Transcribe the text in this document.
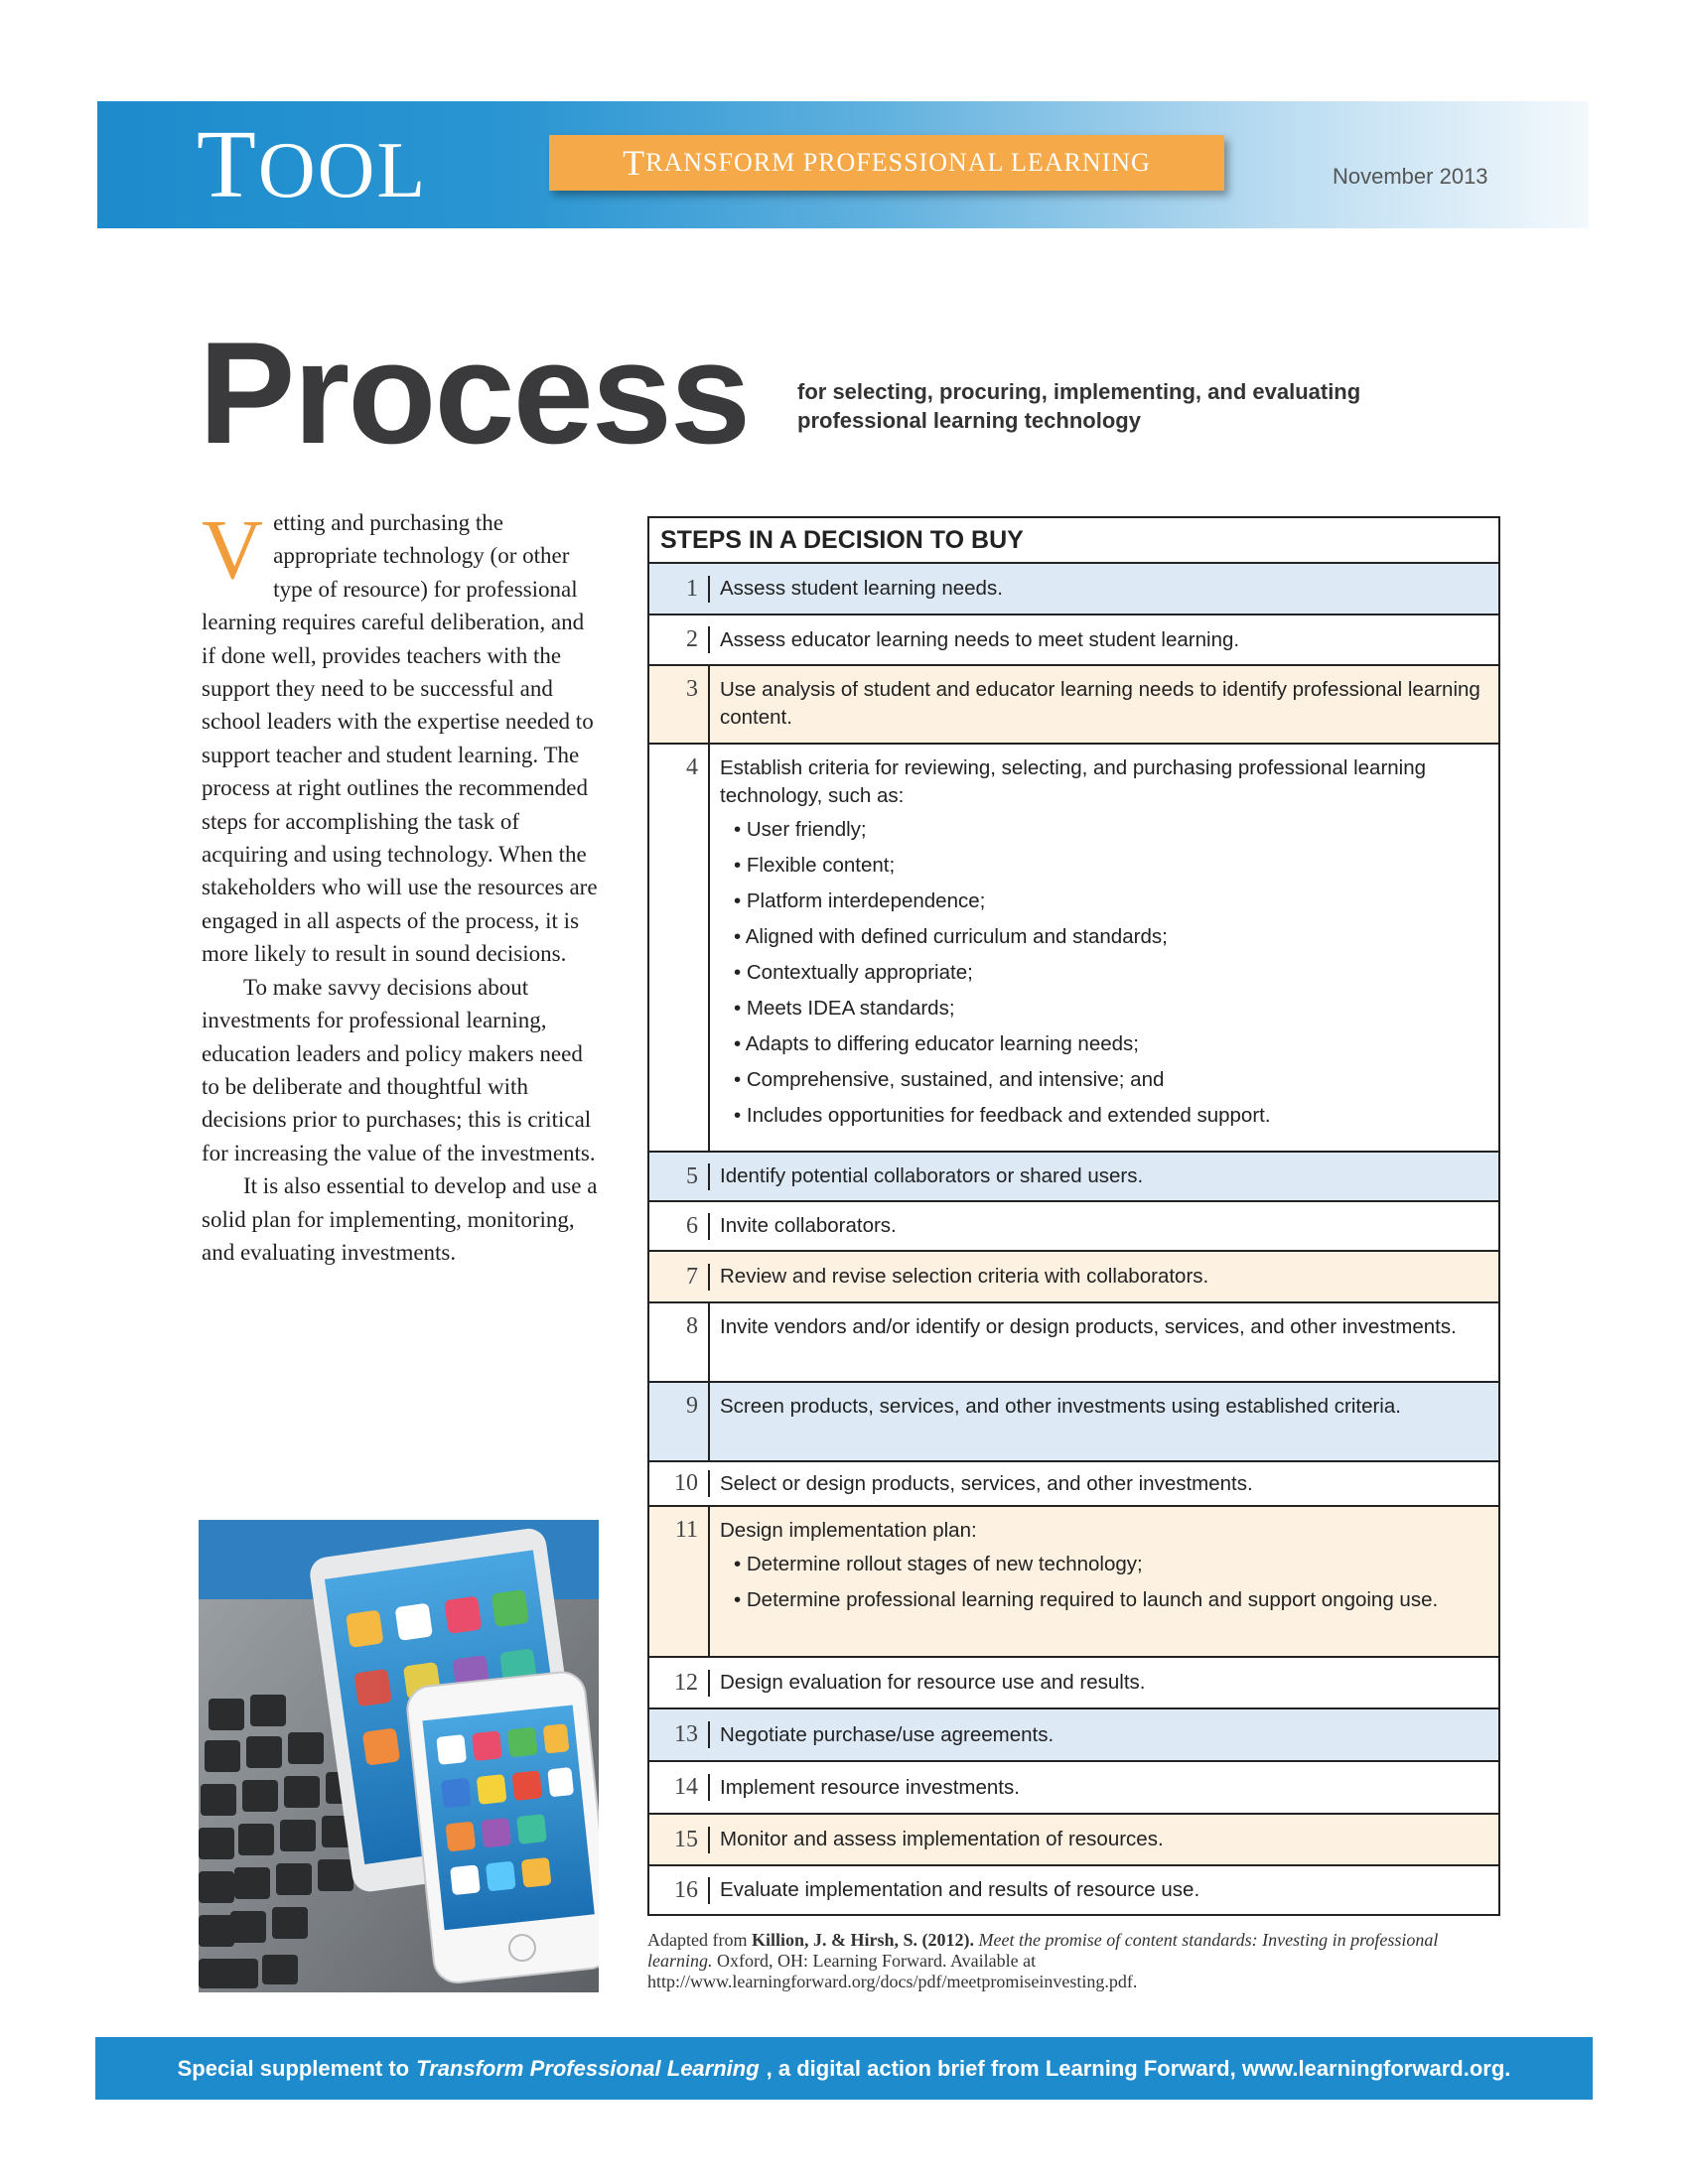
TOOL	T RANSFORM PROFESSIONAL LEARNING	November 2013
Process for selecting, procuring, implementing, and evaluating professional learning technology

Vetting and purchasing the appropriate technology (or other type of resource) for professional learning requires careful deliberation, and if done well, provides teachers with the support they need to be successful and school leaders with the expertise needed to support teacher and student learning. The process at right outlines the recommended steps for accomplishing the task of acquiring and using technology. When the stakeholders who will use the resources are engaged in all aspects of the process, it is more likely to result in sound decisions.

To make savvy decisions about investments for professional learning, education leaders and policy makers need to be deliberate and thoughtful with decisions prior to purchases; this is critical for increasing the value of the investments.

It is also essential to develop and use a solid plan for implementing, monitoring, and evaluating investments.

STEPS IN A DECISION TO BUY
1	Assess student learning needs.
2	Assess educator learning needs to meet student learning.
3	Use analysis of student and educator learning needs to identify professional learning content.
4	Establish criteria for reviewing, selecting, and purchasing professional learning technology, such as:
• User friendly;
• Flexible content;
• Platform interdependence;
• Aligned with defined curriculum and standards;
• Contextually appropriate;
• Meets IDEA standards;
• Adapts to differing educator learning needs;
• Comprehensive, sustained, and intensive; and
• Includes opportunities for feedback and extended support.
5	Identify potential collaborators or shared users.
6	Invite collaborators.
7	Review and revise selection criteria with collaborators.
8	Invite vendors and/or identify or design products, services, and other investments.
9	Screen products, services, and other investments using established criteria.
10	Select or design products, services, and other investments.
11	Design implementation plan:
• Determine rollout stages of new technology;
• Determine professional learning required to launch and support ongoing use.
12	Design evaluation for resource use and results.
13	Negotiate purchase/use agreements.
14	Implement resource investments.
15	Monitor and assess implementation of resources.
16	Evaluate implementation and results of resource use.
Adapted from Killion, J. & Hirsh, S. (2012). Meet the promise of content standards: Investing in professional learning. Oxford, OH: Learning Forward. Available at http://www.learningforward.org/docs/pdf/meetpromiseinvesting.pdf.
Special supplement to Transform Professional Learning , a digital action brief from Learning Forward, www.learningforward.org.
